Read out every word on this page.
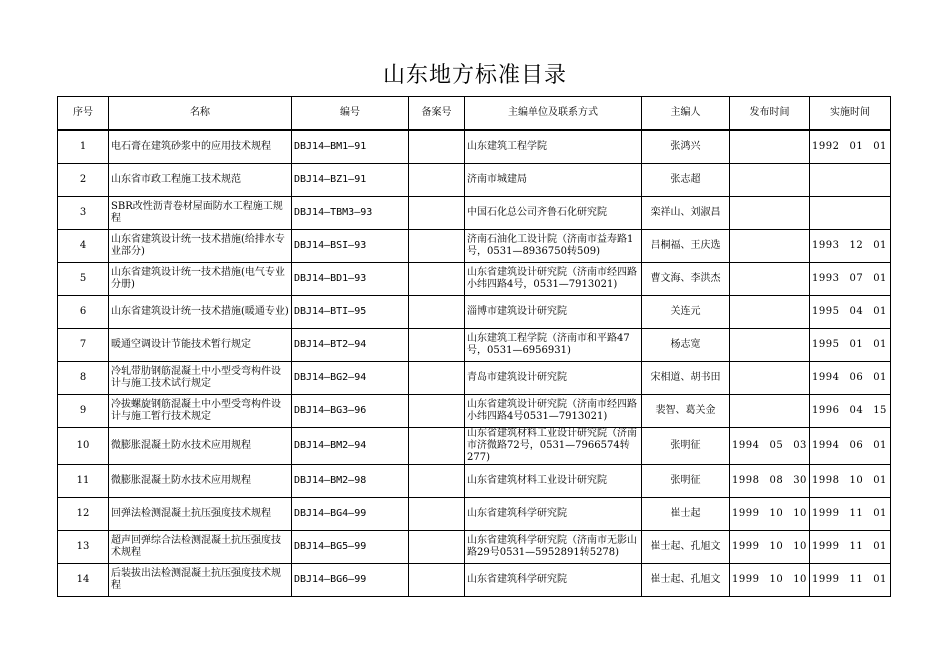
山东地方标准目录
序号	名称	编号	备案号	主编单位及联系方式	主编人	发布时间	实施时间
1	电石膏在建筑砂浆中的应用技术规程	DBJ14—BM1—91		山东建筑工程学院	张鸿兴		1992 01 01
2	山东省市政工程施工技术规范	DBJ14—BZ1—91		济南市城建局	张志超		
3	SBR改性沥青卷材屋面防水工程施工规程	DBJ14—TBM3—93		中国石化总公司齐鲁石化研究院	栾祥山、刘淑昌		
4	山东省建筑设计统一技术措施(给排水专业部分)	DBJ14—BSI—93		济南石油化工设计院（济南市益寿路1号，0531—8936750转509)	吕桐福、王庆选		1993 12 01
5	山东省建筑设计统一技术措施(电气专业分册)	DBJ14—BD1—93		山东省建筑设计研究院（济南市经四路小纬四路4号，0531—7913021)	曹文海、李洪杰		1993 07 01
6	山东省建筑设计统一技术措施(暖通专业)	DBJ14—BTI—95		淄博市建筑设计研究院	关连元		1995 04 01
7	暖通空调设计节能技术暂行规定	DBJ14—BT2—94		山东建筑工程学院（济南市和平路47号，0531—6956931)	杨志宽		1995 01 01
8	冷轧带肋钢筋混凝土中小型受弯构件设计与施工技术试行规定	DBJ14—BG2—94		青岛市建筑设计研究院	宋相道、胡书田		1994 06 01
9	冷拔螺旋钢筋混凝土中小型受弯构件设计与施工暂行技术规定	DBJ14—BG3—96		山东省建筑设计研究院（济南市经四路小纬四路4号0531—7913021)	裴智、葛关金		1996 04 15
10	微膨胀混凝土防水技术应用规程	DBJ14—BM2—94		山东省建筑材料工业设计研究院（济南市济微路72号，0531—7966574转277)	张明征	1994 05 03	1994 06 01
11	微膨胀混凝土防水技术应用规程	DBJ14—BM2—98		山东省建筑材料工业设计研究院	张明征	1998 08 30	1998 10 01
12	回弹法检测混凝土抗压强度技术规程	DBJ14—BG4—99		山东省建筑科学研究院	崔士起	1999 10 10	1999 11 01
13	超声回弹综合法检测混凝土抗压强度技术规程	DBJ14—BG5—99		山东省建筑科学研究院（济南市无影山路29号0531—5952891转5278)	崔士起、孔旭文	1999 10 10	1999 11 01
14	后装拔出法检测混凝土抗压强度技术规程	DBJ14—BG6—99		山东省建筑科学研究院	崔士起、孔旭文	1999 10 10	1999 11 01
